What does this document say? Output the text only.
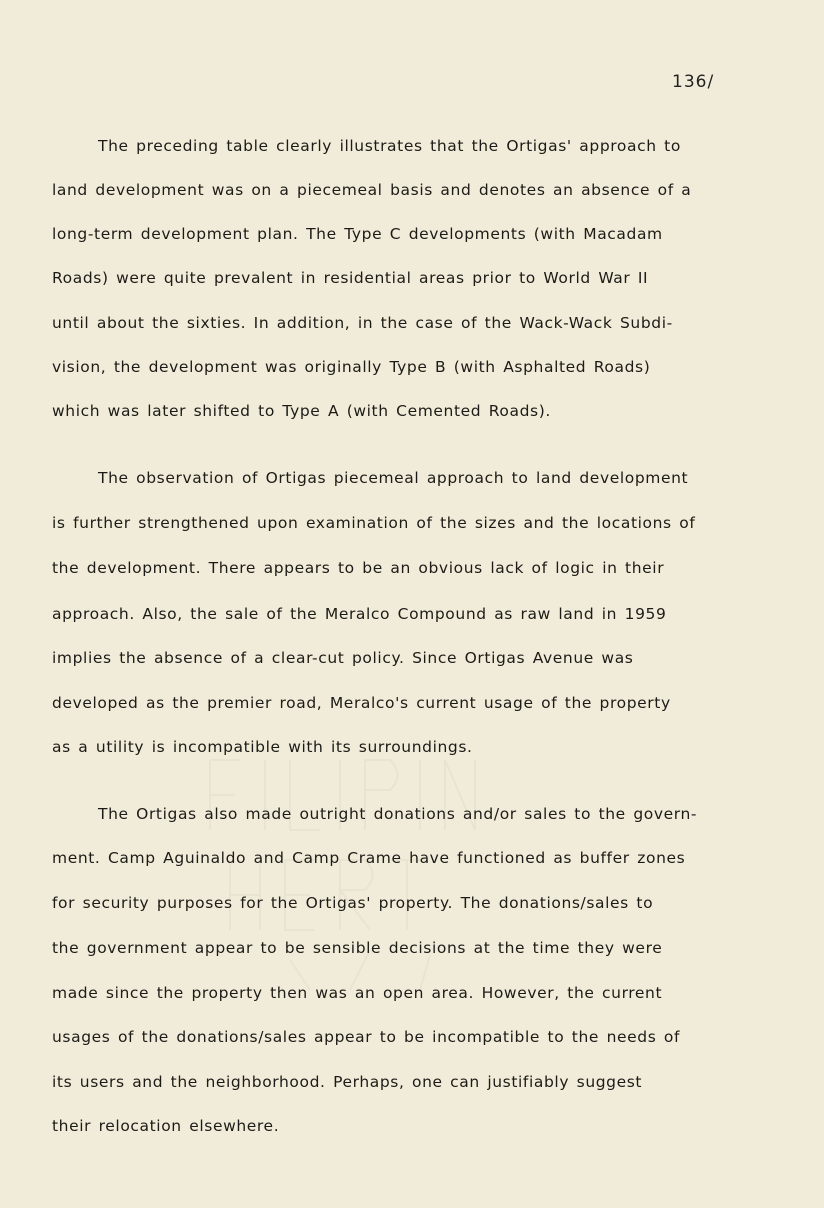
136/
The preceding table clearly illustrates that the Ortigas' approach to
land development was on a piecemeal basis and denotes an absence of a
long-term development plan. The Type C developments (with Macadam
Roads) were quite prevalent in residential areas prior to World War II
until about the sixties. In addition, in the case of the Wack-Wack Subdi-
vision, the development was originally Type B (with Asphalted Roads)
which was later shifted to Type A (with Cemented Roads).
The observation of Ortigas piecemeal approach to land development
is further strengthened upon examination of the sizes and the locations of
the development. There appears to be an obvious lack of logic in their
approach. Also, the sale of the Meralco Compound as raw land in 1959
implies the absence of a clear-cut policy. Since Ortigas Avenue was
developed as the premier road, Meralco's current usage of the property
as a utility is incompatible with its surroundings.
The Ortigas also made outright donations and/or sales to the govern-
ment. Camp Aguinaldo and Camp Crame have functioned as buffer zones
for security purposes for the Ortigas' property. The donations/sales to
the government appear to be sensible decisions at the time they were
made since the property then was an open area. However, the current
usages of the donations/sales appear to be incompatible to the needs of
its users and the neighborhood. Perhaps, one can justifiably suggest
their relocation elsewhere.
